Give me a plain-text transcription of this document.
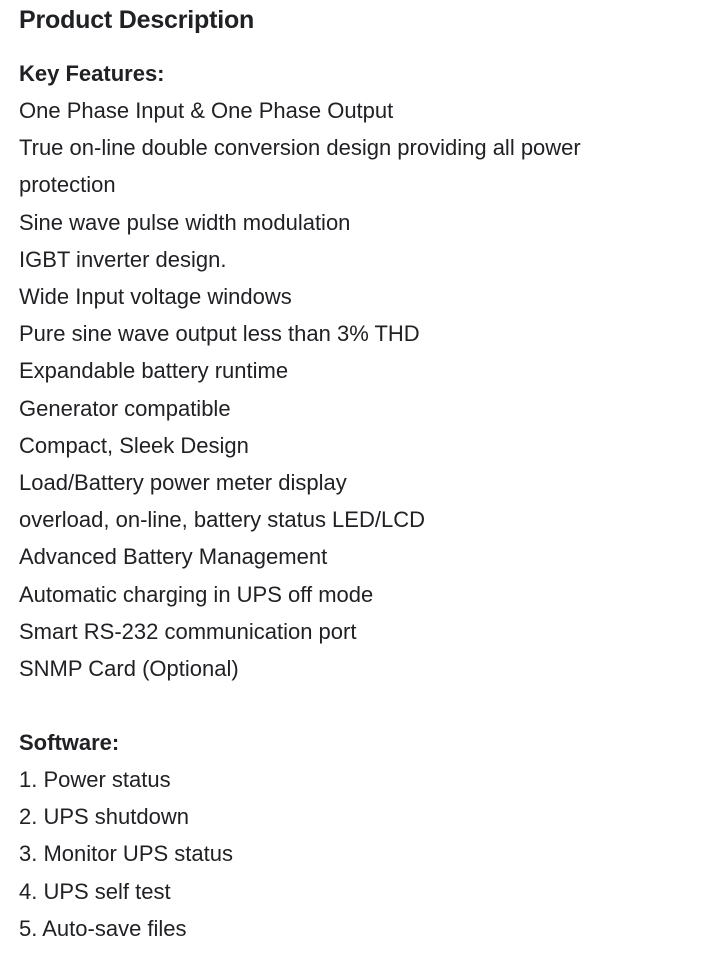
Product Description
Key Features:
One Phase Input & One Phase Output
True on-line double conversion design providing all power
protection
Sine wave pulse width modulation
IGBT inverter design.
Wide Input voltage windows
Pure sine wave output less than 3% THD
Expandable battery runtime
Generator compatible
Compact, Sleek Design
Load/Battery power meter display
overload, on-line, battery status LED/LCD
Advanced Battery Management
Automatic charging in UPS off mode
Smart RS-232 communication port
SNMP Card (Optional)
Software:
1. Power status
2. UPS shutdown
3. Monitor UPS status
4. UPS self test
5. Auto-save files
